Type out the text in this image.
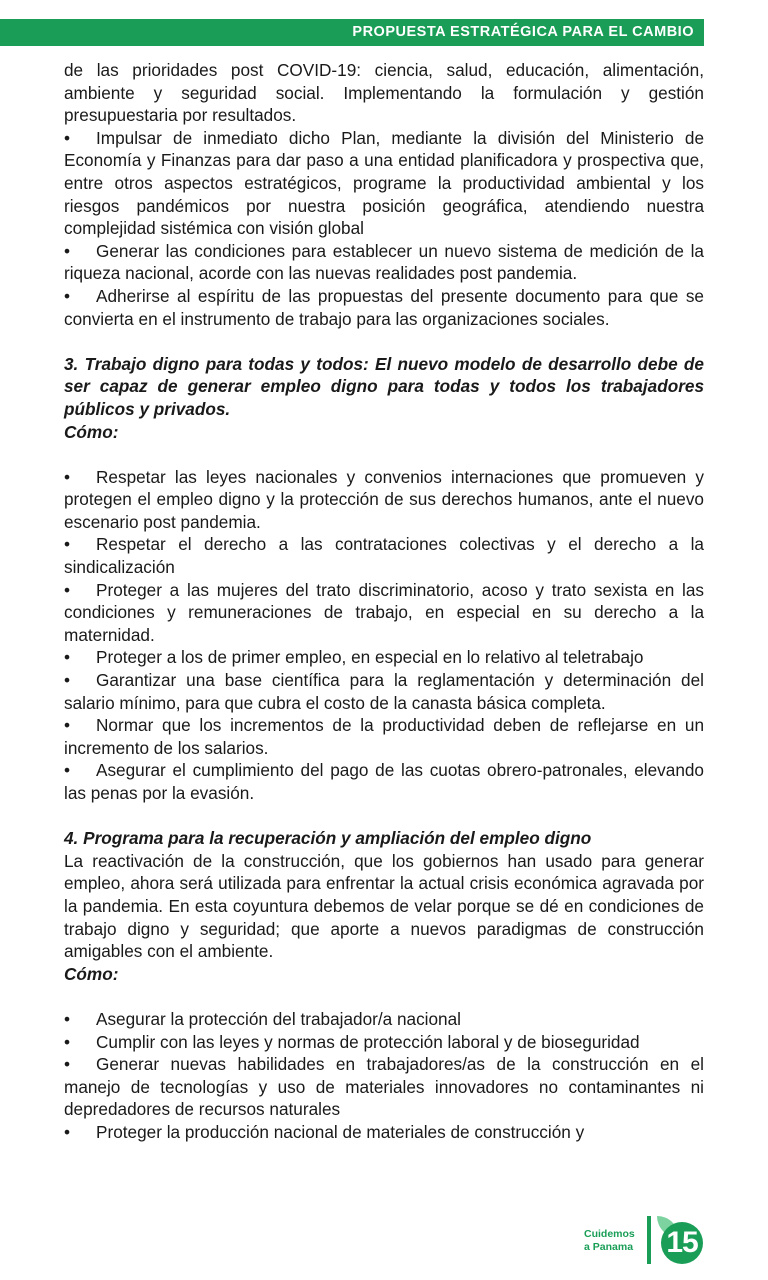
PROPUESTA ESTRATÉGICA PARA EL CAMBIO

de las prioridades post COVID-19: ciencia, salud, educación, alimentación, ambiente y seguridad social. Implementando la formulación y gestión presupuestaria por resultados.

• Impulsar de inmediato dicho Plan, mediante la división del Ministerio de Economía y Finanzas para dar paso a una entidad planificadora y prospectiva que, entre otros aspectos estratégicos, programe la productividad ambiental y los riesgos pandémicos por nuestra posición geográfica, atendiendo nuestra complejidad sistémica con visión global

• Generar las condiciones para establecer un nuevo sistema de medición de la riqueza nacional, acorde con las nuevas realidades post pandemia.

• Adherirse al espíritu de las propuestas del presente documento para que se convierta en el instrumento de trabajo para las organizaciones sociales.

3. Trabajo digno para todas y todos: El nuevo modelo de desarrollo debe de ser capaz de generar empleo digno para todas y todos los trabajadores públicos y privados.

Cómo:

• Respetar las leyes nacionales y convenios internaciones que promueven y protegen el empleo digno y la protección de sus derechos humanos, ante el nuevo escenario post pandemia.

• Respetar el derecho a las contrataciones colectivas y el derecho a la sindicalización

• Proteger a las mujeres del trato discriminatorio, acoso y trato sexista en las condiciones y remuneraciones de trabajo, en especial en su derecho a la maternidad.

• Proteger a los de primer empleo, en especial en lo relativo al teletrabajo

• Garantizar una base científica para la reglamentación y determinación del salario mínimo, para que cubra el costo de la canasta básica completa.

• Normar que los incrementos de la productividad deben de reflejarse en un incremento de los salarios.

• Asegurar el cumplimiento del pago de las cuotas obrero-patronales, elevando las penas por la evasión.

4. Programa para la recuperación y ampliación del empleo digno

La reactivación de la construcción, que los gobiernos han usado para generar empleo, ahora será utilizada para enfrentar la actual crisis económica agravada por la pandemia. En esta coyuntura debemos de velar porque se dé en condiciones de trabajo digno y seguridad; que aporte a nuevos paradigmas de construcción amigables con el ambiente.

Cómo:

• Asegurar la protección del trabajador/a nacional

• Cumplir con las leyes y normas de protección laboral y de bioseguridad

• Generar nuevas habilidades en trabajadores/as de la construcción en el manejo de tecnologías y uso de materiales innovadores no contaminantes ni depredadores de recursos naturales

• Proteger la producción nacional de materiales de construcción y

Cuidemos
a Panama 15
